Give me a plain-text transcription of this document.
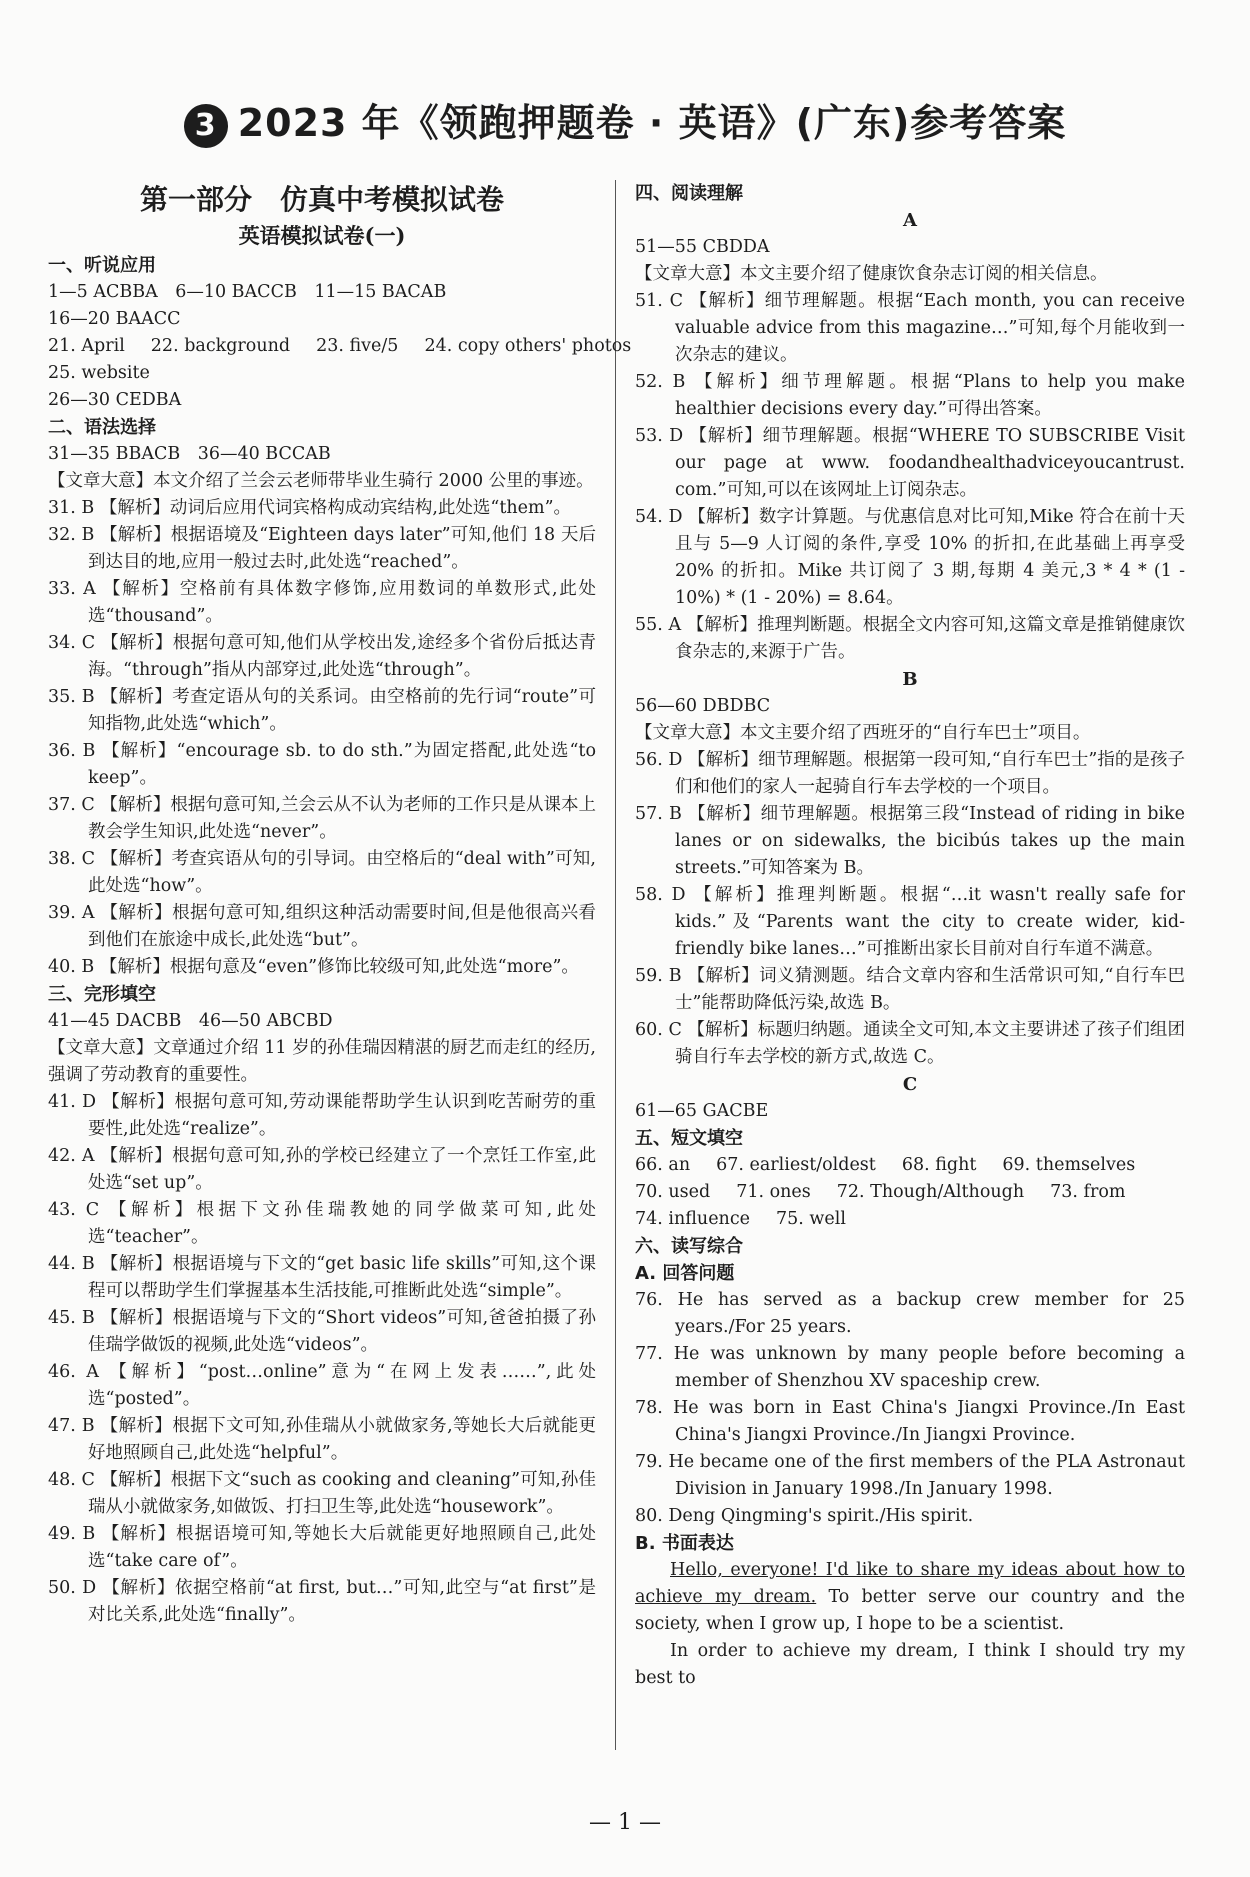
3 2023 年《领跑押题卷 · 英语》(广东)参考答案
第一部分　仿真中考模拟试卷
英语模拟试卷(一)
一、听说应用
1—5 ACBBA　6—10 BACCB　11—15 BACAB
16—20 BAACC
21. April 22. background 23. five/5 24. copy others' photos
25. website
26—30 CEDBA
二、语法选择
31—35 BBACB　36—40 BCCAB
【文章大意】本文介绍了兰会云老师带毕业生骑行 2000 公里的事迹。
31. B 【解析】动词后应用代词宾格构成动宾结构,此处选“them”。
32. B 【解析】根据语境及“Eighteen days later”可知,他们 18 天后到达目的地,应用一般过去时,此处选“reached”。
33. A 【解析】空格前有具体数字修饰,应用数词的单数形式,此处选“thousand”。
34. C 【解析】根据句意可知,他们从学校出发,途经多个省份后抵达青海。“through”指从内部穿过,此处选“through”。
35. B 【解析】考查定语从句的关系词。由空格前的先行词“route”可知指物,此处选“which”。
36. B 【解析】“encourage sb. to do sth.”为固定搭配,此处选“to keep”。
37. C 【解析】根据句意可知,兰会云从不认为老师的工作只是从课本上教会学生知识,此处选“never”。
38. C 【解析】考查宾语从句的引导词。由空格后的“deal with”可知,此处选“how”。
39. A 【解析】根据句意可知,组织这种活动需要时间,但是他很高兴看到他们在旅途中成长,此处选“but”。
40. B 【解析】根据句意及“even”修饰比较级可知,此处选“more”。
三、完形填空
41—45 DACBB　46—50 ABCBD
【文章大意】文章通过介绍 11 岁的孙佳瑞因精湛的厨艺而走红的经历,强调了劳动教育的重要性。
41. D 【解析】根据句意可知,劳动课能帮助学生认识到吃苦耐劳的重要性,此处选“realize”。
42. A 【解析】根据句意可知,孙的学校已经建立了一个烹饪工作室,此处选“set up”。
43. C 【解析】根据下文孙佳瑞教她的同学做菜可知,此处选“teacher”。
44. B 【解析】根据语境与下文的“get basic life skills”可知,这个课程可以帮助学生们掌握基本生活技能,可推断此处选“simple”。
45. B 【解析】根据语境与下文的“Short videos”可知,爸爸拍摄了孙佳瑞学做饭的视频,此处选“videos”。
46. A 【解析】“post…online”意为“在网上发表……”,此处选“posted”。
47. B 【解析】根据下文可知,孙佳瑞从小就做家务,等她长大后就能更好地照顾自己,此处选“helpful”。
48. C 【解析】根据下文“such as cooking and cleaning”可知,孙佳瑞从小就做家务,如做饭、打扫卫生等,此处选“housework”。
49. B 【解析】根据语境可知,等她长大后就能更好地照顾自己,此处选“take care of”。
50. D 【解析】依据空格前“at first, but…”可知,此空与“at first”是对比关系,此处选“finally”。
四、阅读理解
A
51—55 CBDDA
【文章大意】本文主要介绍了健康饮食杂志订阅的相关信息。
51. C 【解析】细节理解题。根据“Each month, you can receive valuable advice from this magazine…”可知,每个月能收到一次杂志的建议。
52. B 【解析】细节理解题。根据“Plans to help you make healthier decisions every day.”可得出答案。
53. D 【解析】细节理解题。根据“WHERE TO SUBSCRIBE Visit our page at www. foodandhealthadviceyoucantrust. com.”可知,可以在该网址上订阅杂志。
54. D 【解析】数字计算题。与优惠信息对比可知,Mike 符合在前十天且与 5—9 人订阅的条件,享受 10% 的折扣,在此基础上再享受 20% 的折扣。Mike 共订阅了 3 期,每期 4 美元,3 * 4 * (1 - 10%) * (1 - 20%) = 8.64。
55. A 【解析】推理判断题。根据全文内容可知,这篇文章是推销健康饮食杂志的,来源于广告。
B
56—60 DBDBC
【文章大意】本文主要介绍了西班牙的“自行车巴士”项目。
56. D 【解析】细节理解题。根据第一段可知,“自行车巴士”指的是孩子们和他们的家人一起骑自行车去学校的一个项目。
57. B 【解析】细节理解题。根据第三段“Instead of riding in bike lanes or on sidewalks, the bicibús takes up the main streets.”可知答案为 B。
58. D 【解析】推理判断题。根据“…it wasn't really safe for kids.”及“Parents want the city to create wider, kid-friendly bike lanes…”可推断出家长目前对自行车道不满意。
59. B 【解析】词义猜测题。结合文章内容和生活常识可知,“自行车巴士”能帮助降低污染,故选 B。
60. C 【解析】标题归纳题。通读全文可知,本文主要讲述了孩子们组团骑自行车去学校的新方式,故选 C。
C
61—65 GACBE
五、短文填空
66. an 67. earliest/oldest 68. fight 69. themselves
70. used 71. ones 72. Though/Although 73. from
74. influence 75. well
六、读写综合
A. 回答问题
76. He has served as a backup crew member for 25 years./For 25 years.
77. He was unknown by many people before becoming a member of Shenzhou XV spaceship crew.
78. He was born in East China's Jiangxi Province./In East China's Jiangxi Province./In Jiangxi Province.
79. He became one of the first members of the PLA Astronaut Division in January 1998./In January 1998.
80. Deng Qingming's spirit./His spirit.
B. 书面表达
Hello, everyone! I'd like to share my ideas about how to achieve my dream. To better serve our country and the society, when I grow up, I hope to be a scientist.
In order to achieve my dream, I think I should try my best to
— 1 —
